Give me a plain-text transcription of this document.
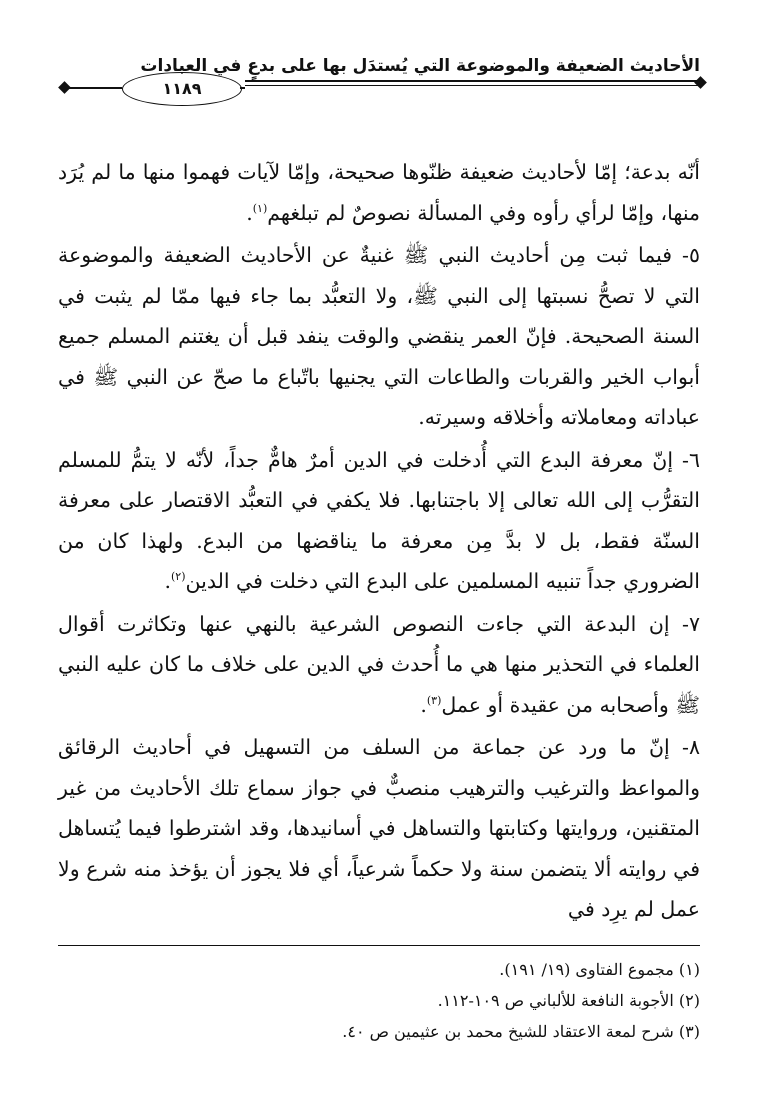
الأحاديث الضعيفة والموضوعة التي يُستدَل بها على بدعٍ في العبادات
١١٨٩

أنّه بدعة؛ إمّا لأحاديث ضعيفة ظنّوها صحيحة، وإمّا لآيات فهموا منها ما لم يُرَد منها، وإمّا لرأي رأوه وفي المسألة نصوصٌ لم تبلغهم$^{(١)}$.

٥- فيما ثبت مِن أحاديث النبي ﷺ غنيةٌ عن الأحاديث الضعيفة والموضوعة التي لا تصحُّ نسبتها إلى النبي ﷺ، ولا التعبُّد بما جاء فيها ممّا لم يثبت في السنة الصحيحة. فإنّ العمر ينقضي والوقت ينفد قبل أن يغتنم المسلم جميع أبواب الخير والقربات والطاعات التي يجنيها باتّباع ما صحّ عن النبي ﷺ في عباداته ومعاملاته وأخلاقه وسيرته.

٦- إنّ معرفة البدع التي أُدخلت في الدين أمرٌ هامٌّ جداً، لأنّه لا يتمُّ للمسلم التقرُّب إلى الله تعالى إلا باجتنابها. فلا يكفي في التعبُّد الاقتصار على معرفة السنّة فقط، بل لا بدَّ مِن معرفة ما يناقضها من البدع. ولهذا كان من الضروري جداً تنبيه المسلمين على البدع التي دخلت في الدين$^{(٢)}$.

٧- إن البدعة التي جاءت النصوص الشرعية بالنهي عنها وتكاثرت أقوال العلماء في التحذير منها هي ما أُحدث في الدين على خلاف ما كان عليه النبي ﷺ وأصحابه من عقيدة أو عمل$^{(٣)}$.

٨- إنّ ما ورد عن جماعة من السلف من التسهيل في أحاديث الرقائق والمواعظ والترغيب والترهيب منصبٌّ في جواز سماع تلك الأحاديث من غير المتقنين، وروايتها وكتابتها والتساهل في أسانيدها، وقد اشترطوا فيما يُتساهل في روايته ألا يتضمن سنة ولا حكماً شرعياً، أي فلا يجوز أن يؤخذ منه شرع ولا عمل لم يرِد في

(١) مجموع الفتاوى (١٩/ ١٩١).
(٢) الأجوبة النافعة للألباني ص ١٠٩-١١٢.
(٣) شرح لمعة الاعتقاد للشيخ محمد بن عثيمين ص ٤٠.
